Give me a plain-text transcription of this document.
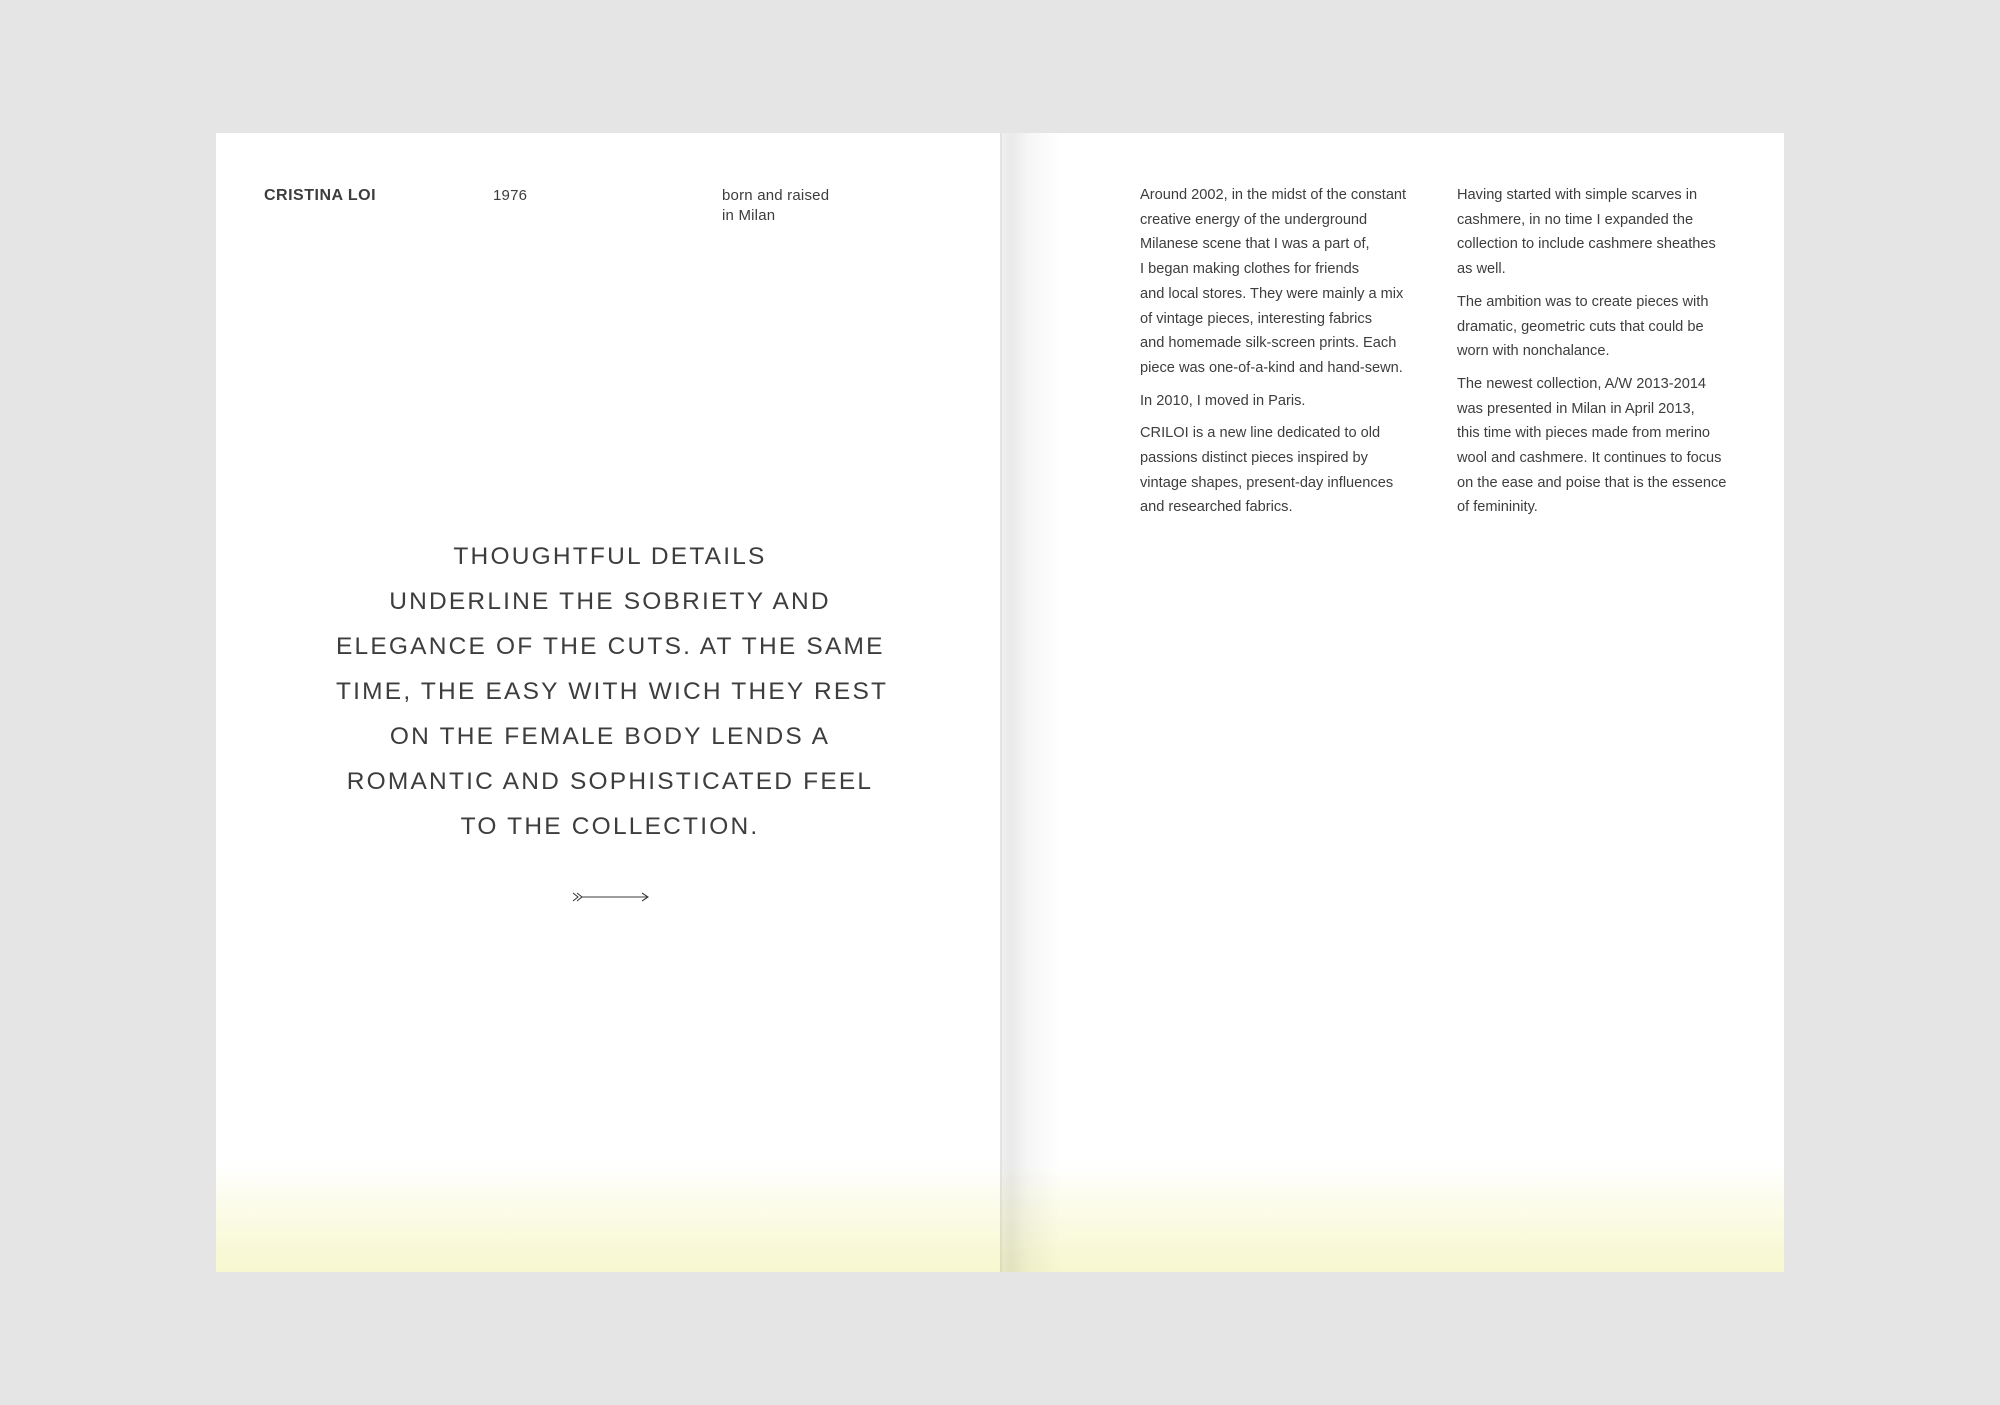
CRISTINA LOI	1976	born and raised
in Milan
THOUGHTFUL DETAILS
UNDERLINE THE SOBRIETY AND
ELEGANCE OF THE CUTS. AT THE SAME
TIME, THE EASY WITH WICH THEY REST
ON THE FEMALE BODY LENDS A
ROMANTIC AND SOPHISTICATED FEEL
TO THE COLLECTION.

Around 2002, in the midst of the constant
creative energy of the underground
Milanese scene that I was a part of,
I began making clothes for friends
and local stores. They were mainly a mix
of vintage pieces, interesting fabrics
and homemade silk-screen prints. Each
piece was one-of-a-kind and hand-sewn.

In 2010, I moved in Paris.

CRILOI is a new line dedicated to old
passions distinct pieces inspired by
vintage shapes, present-day influences
and researched fabrics.

Having started with simple scarves in
cashmere, in no time I expanded the
collection to include cashmere sheathes
as well.

The ambition was to create pieces with
dramatic, geometric cuts that could be
worn with nonchalance.

The newest collection, A/W 2013-2014
was presented in Milan in April 2013,
this time with pieces made from merino
wool and cashmere. It continues to focus
on the ease and poise that is the essence
of femininity.
